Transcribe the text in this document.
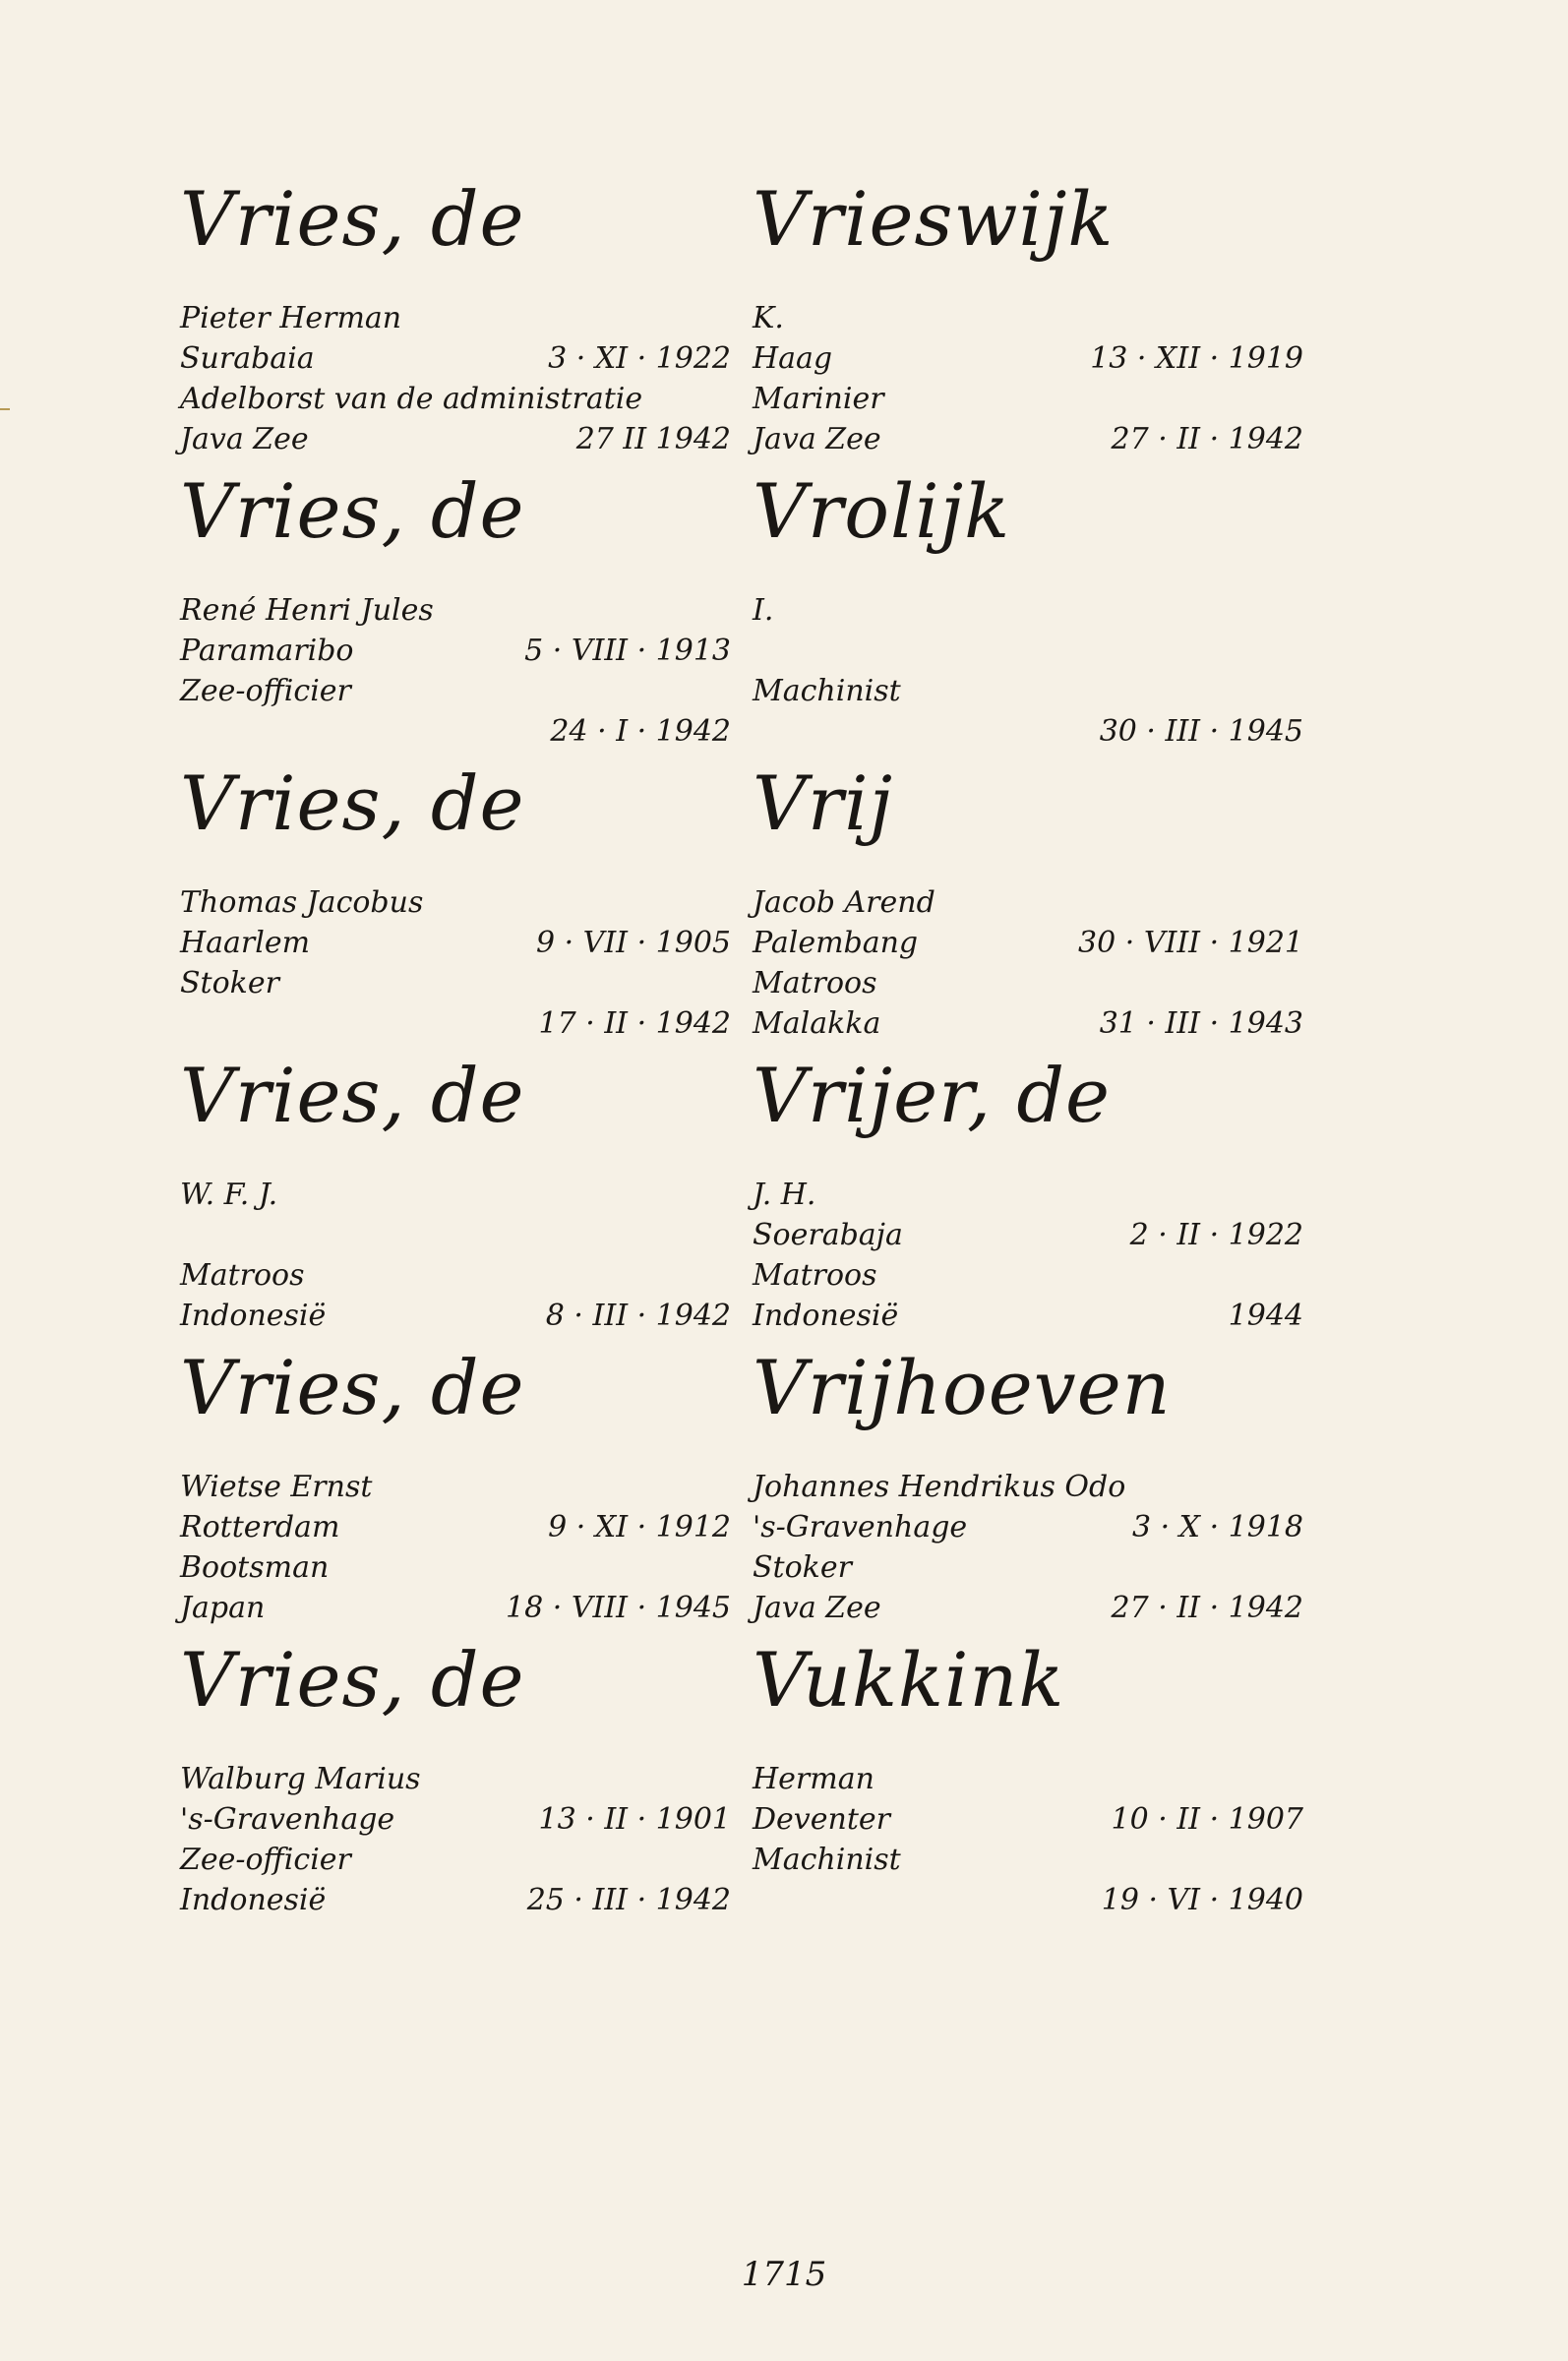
Vries, de
Pieter Herman
Surabaia	3 · XI · 1922
Adelborst van de administratie
Java Zee	27 II 1942
Vries, de
René Henri Jules
Paramaribo	5 · VIII · 1913
Zee-officier
24 · I · 1942
Vries, de
Thomas Jacobus
Haarlem	9 · VII · 1905
Stoker
17 · II · 1942
Vries, de
W. F. J.
Matroos
Indonesië	8 · III · 1942
Vries, de
Wietse Ernst
Rotterdam	9 · XI · 1912
Bootsman
Japan	18 · VIII · 1945
Vries, de
Walburg Marius
's-Gravenhage	13 · II · 1901
Zee-officier
Indonesië	25 · III · 1942
Vrieswijk
K.
Haag	13 · XII · 1919
Marinier
Java Zee	27 · II · 1942
Vrolijk
I.
Machinist
30 · III · 1945
Vrij
Jacob Arend
Palembang	30 · VIII · 1921
Matroos
Malakka	31 · III · 1943
Vrijer, de
J. H.
Soerabaja	2 · II · 1922
Matroos
Indonesië	1944
Vrijhoeven
Johannes Hendrikus Odo
's-Gravenhage	3 · X · 1918
Stoker
Java Zee	27 · II · 1942
Vukkink
Herman
Deventer	10 · II · 1907
Machinist
19 · VI · 1940
1715
